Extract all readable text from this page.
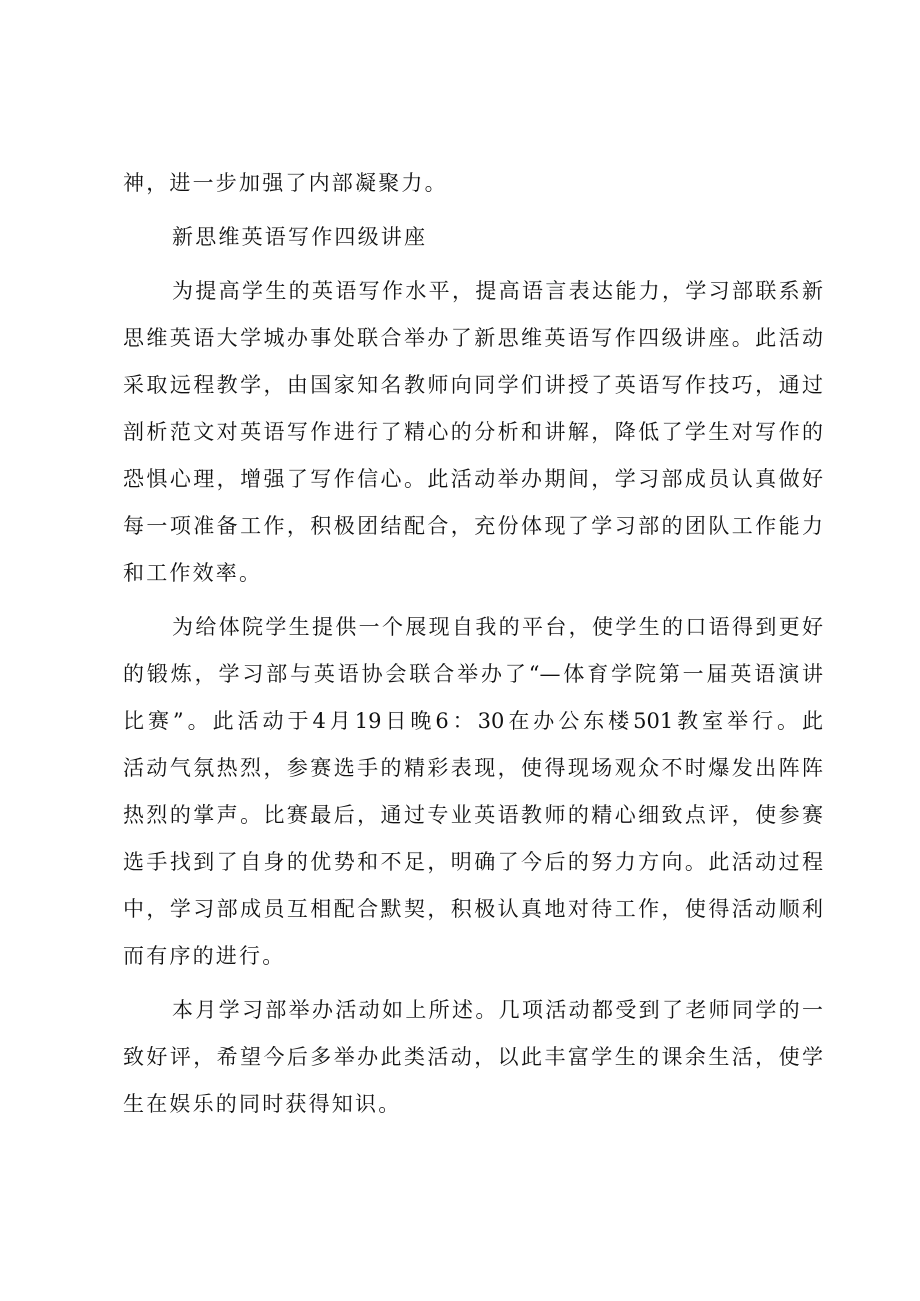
神，进一步加强了内部凝聚力。
新思维英语写作四级讲座
为提高学生的英语写作水平，提高语言表达能力，学习部联系新
思维英语大学城办事处联合举办了新思维英语写作四级讲座。此活动
采取远程教学，由国家知名教师向同学们讲授了英语写作技巧，通过
剖析范文对英语写作进行了精心的分析和讲解，降低了学生对写作的
恐惧心理，增强了写作信心。此活动举办期间，学习部成员认真做好
每一项准备工作，积极团结配合，充份体现了学习部的团队工作能力
和工作效率。
为给体院学生提供一个展现自我的平台，使学生的口语得到更好
的锻炼，学习部与英语协会联合举办了“—体育学院第一届英语演讲
比赛”。此活动于4月19日晚6：30在办公东楼501教室举行。此
活动气氛热烈，参赛选手的精彩表现，使得现场观众不时爆发出阵阵
热烈的掌声。比赛最后，通过专业英语教师的精心细致点评，使参赛
选手找到了自身的优势和不足，明确了今后的努力方向。此活动过程
中，学习部成员互相配合默契，积极认真地对待工作，使得活动顺利
而有序的进行。
本月学习部举办活动如上所述。几项活动都受到了老师同学的一
致好评，希望今后多举办此类活动，以此丰富学生的课余生活，使学
生在娱乐的同时获得知识。
